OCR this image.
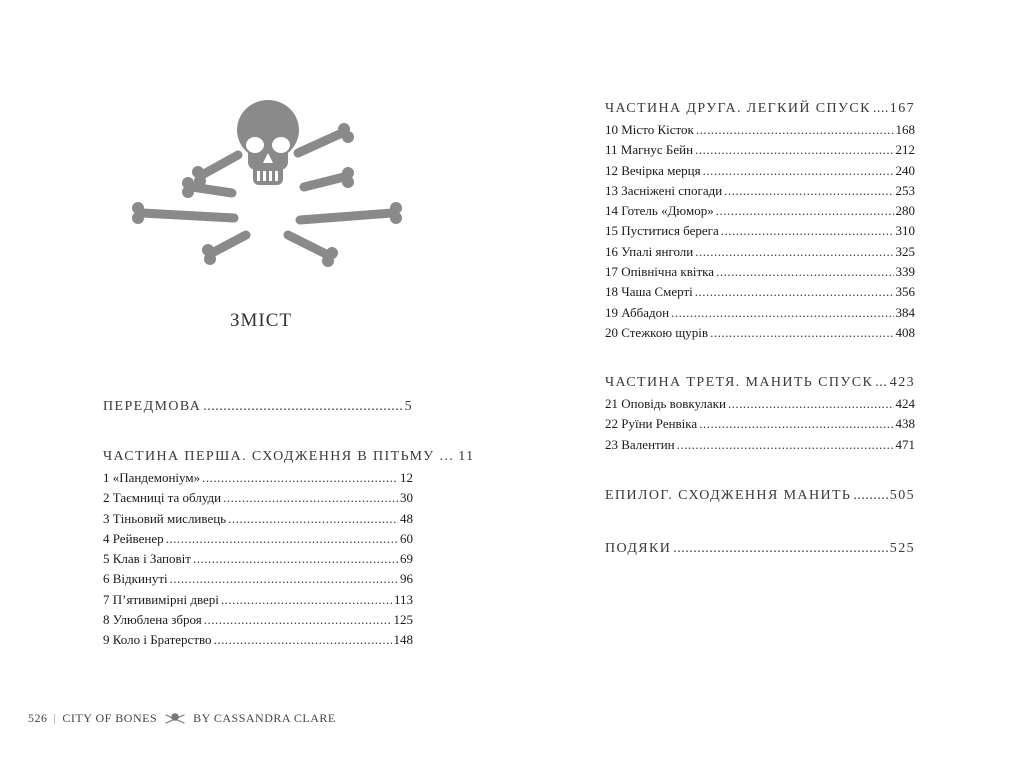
ЗМІСТ
ПЕРЕДМОВА .....	5
ЧАСТИНА ПЕРША. СХОДЖЕННЯ В ПІТЬМУ ... 11
1 «Пандемоніум» .....	12
2 Таємниці та облуди .....	30
3 Тіньовий мисливець .....	48
4 Рейвенер .....	60
5 Клав і Заповіт .....	69
6 Відкинуті .....	96
7 П’ятивимірні двері .....	113
8 Улюблена зброя .....	125
9 Коло і Братерство .....	148
ЧАСТИНА ДРУГА. ЛЕГКИЙ СПУСК ..... 167
10 Місто Кісток .....	168
11 Магнус Бейн .....	212
12 Вечірка мерця .....	240
13 Засніжені спогади .....	253
14 Готель «Дюмор» .....	280
15 Пуститися берега .....	310
16 Упалі янголи .....	325
17 Опівнічна квітка .....	339
18 Чаша Смерті .....	356
19 Аббадон .....	384
20 Стежкою щурів .....	408
ЧАСТИНА ТРЕТЯ. МАНИТЬ СПУСК ..... 423
21 Оповідь вовкулаки .....	424
22 Руїни Ренвіка .....	438
23 Валентин .....	471
ЕПИЛОГ. СХОДЖЕННЯ МАНИТЬ .....	505
ПОДЯКИ .....	525
526 | CITY OF BONES	BY CASSANDRA CLARE
